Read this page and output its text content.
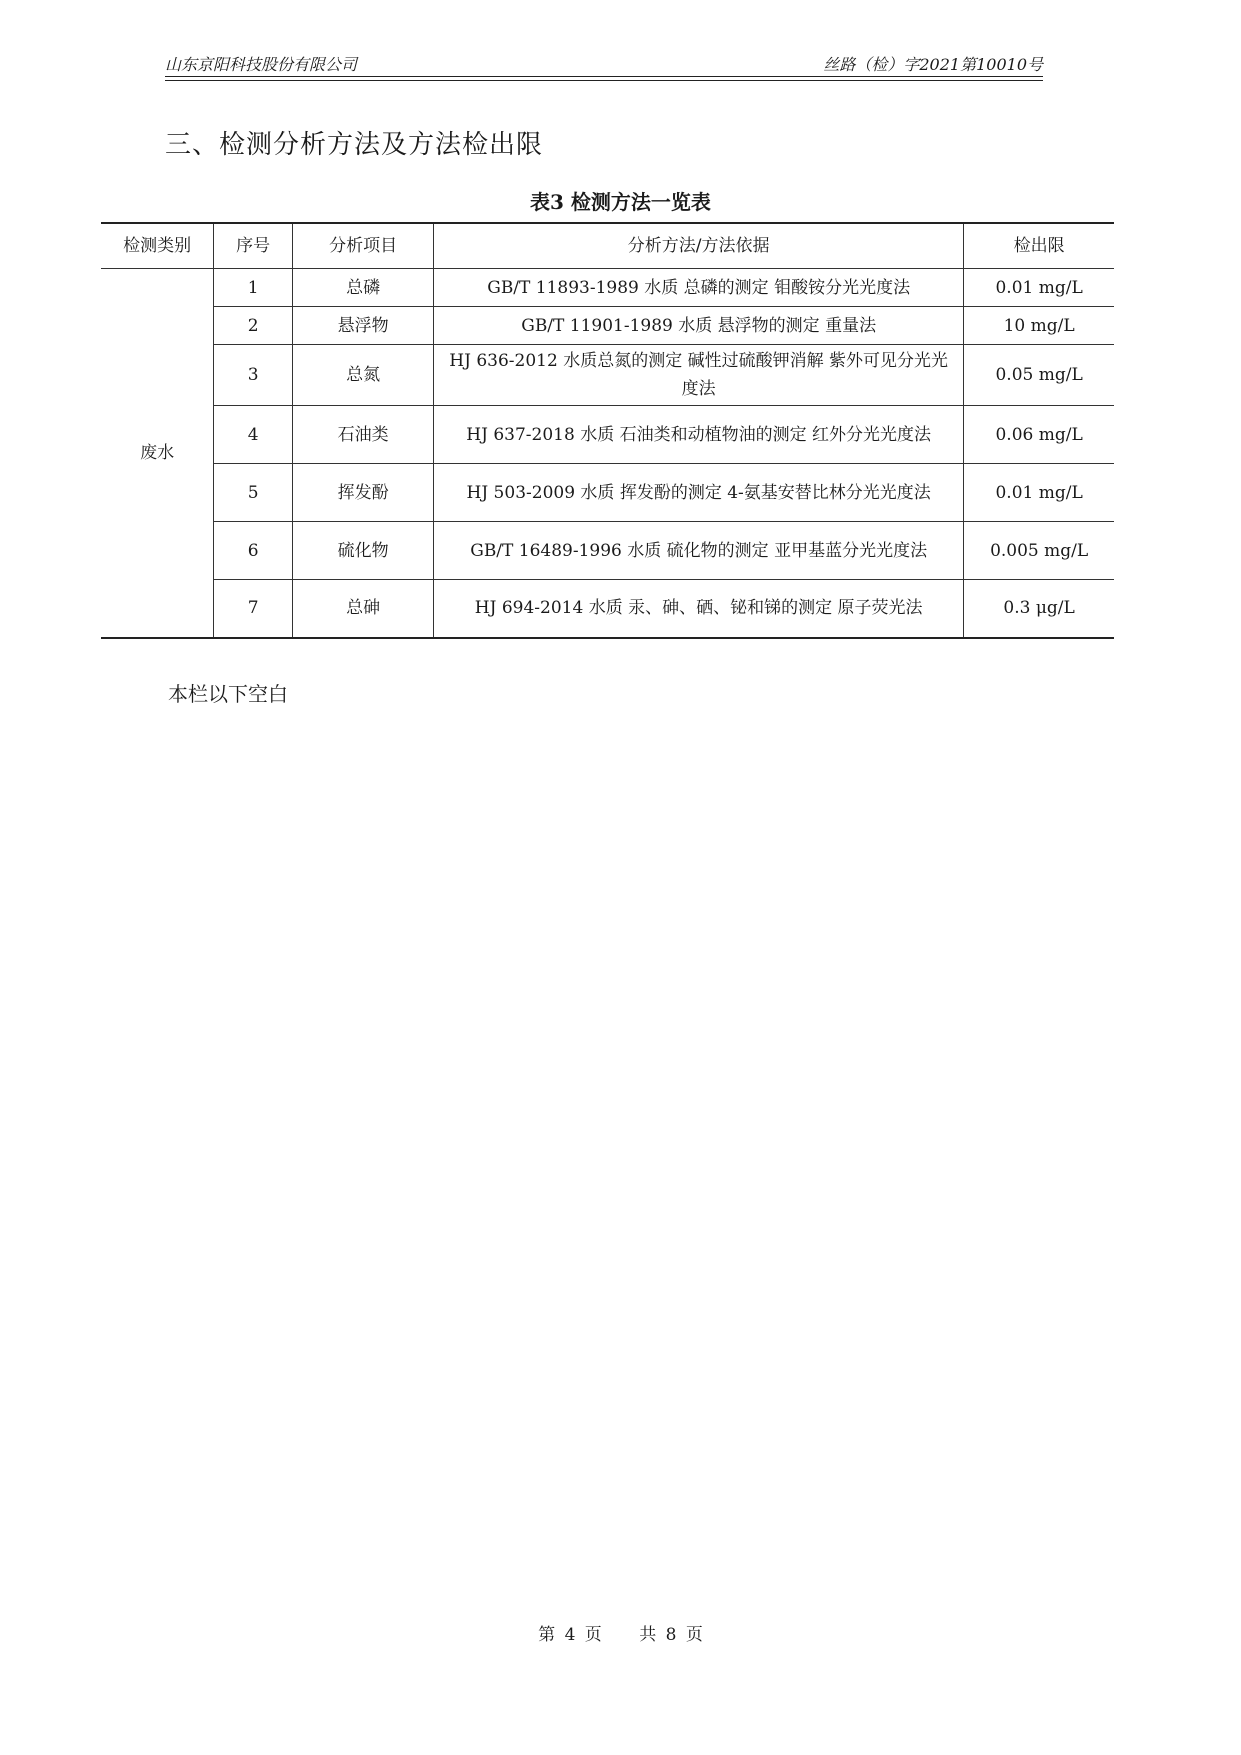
山东京阳科技股份有限公司	丝路（检）字2021第10010号
三、检测分析方法及方法检出限
表3 检测方法一览表
检测类别	序号	分析项目	分析方法/方法依据	检出限
废水	1	总磷	GB/T 11893-1989 水质 总磷的测定 钼酸铵分光光度法	0.01 mg/L
	2	悬浮物	GB/T 11901-1989 水质 悬浮物的测定 重量法	10 mg/L
	3	总氮	HJ 636-2012 水质总氮的测定 碱性过硫酸钾消解 紫外可见分光光度法	0.05 mg/L
	4	石油类	HJ 637-2018 水质 石油类和动植物油的测定 红外分光光度法	0.06 mg/L
	5	挥发酚	HJ 503-2009 水质 挥发酚的测定 4-氨基安替比林分光光度法	0.01 mg/L
	6	硫化物	GB/T 16489-1996 水质 硫化物的测定 亚甲基蓝分光光度法	0.005 mg/L
	7	总砷	HJ 694-2014 水质 汞、砷、硒、铋和锑的测定 原子荧光法	0.3 μg/L
本栏以下空白
第 4 页 共 8 页
